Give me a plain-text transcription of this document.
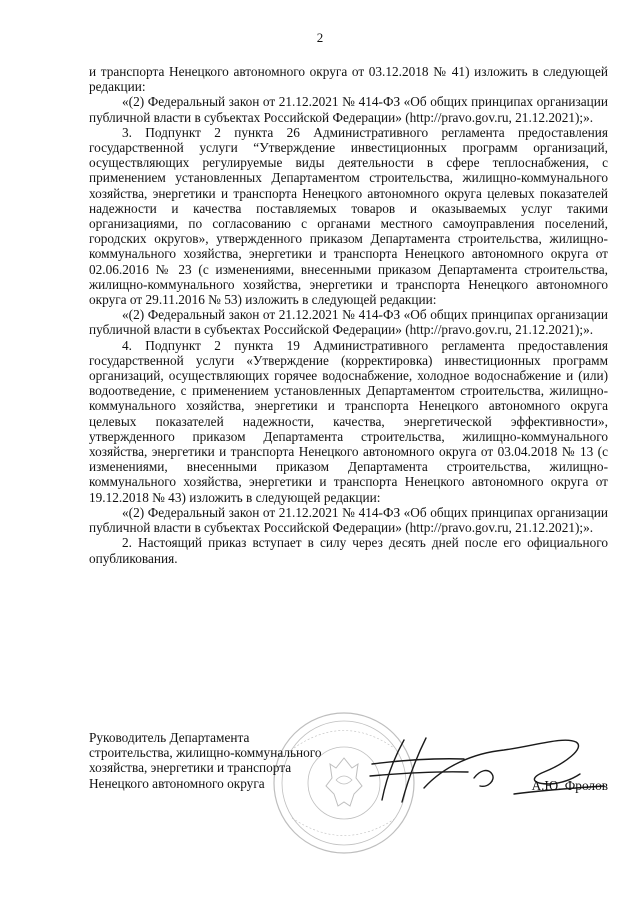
2

и транспорта Ненецкого автономного округа от 03.12.2018 № 41) изложить в следующей редакции:

«(2) Федеральный закон от 21.12.2021 № 414-ФЗ «Об общих принципах организации публичной власти в субъектах Российской Федерации» (http://pravo.gov.ru, 21.12.2021);».

3. Подпункт 2 пункта 26 Административного регламента предоставления государственной услуги “Утверждение инвестиционных программ организаций, осуществляющих регулируемые виды деятельности в сфере теплоснабжения, с применением установленных Департаментом строительства, жилищно-коммунального хозяйства, энергетики и транспорта Ненецкого автономного округа целевых показателей надежности и качества поставляемых товаров и оказываемых услуг такими организациями, по согласованию с органами местного самоуправления поселений, городских округов», утвержденного приказом Департамента строительства, жилищно-коммунального хозяйства, энергетики и транспорта Ненецкого автономного округа от 02.06.2016 № 23 (с изменениями, внесенными приказом Департамента строительства, жилищно-коммунального хозяйства, энергетики и транспорта Ненецкого автономного округа от 29.11.2016 № 53) изложить в следующей редакции:

«(2) Федеральный закон от 21.12.2021 № 414-ФЗ «Об общих принципах организации публичной власти в субъектах Российской Федерации» (http://pravo.gov.ru, 21.12.2021);».

4. Подпункт 2 пункта 19 Административного регламента предоставления государственной услуги «Утверждение (корректировка) инвестиционных программ организаций, осуществляющих горячее водоснабжение, холодное водоснабжение и (или) водоотведение, с применением установленных Департаментом строительства, жилищно-коммунального хозяйства, энергетики и транспорта Ненецкого автономного округа целевых показателей надежности, качества, энергетической эффективности», утвержденного приказом Департамента строительства, жилищно-коммунального хозяйства, энергетики и транспорта Ненецкого автономного округа от 03.04.2018 № 13 (с изменениями, внесенными приказом Департамента строительства, жилищно-коммунального хозяйства, энергетики и транспорта Ненецкого автономного округа от 19.12.2018 № 43) изложить в следующей редакции:

«(2) Федеральный закон от 21.12.2021 № 414-ФЗ «Об общих принципах организации публичной власти в субъектах Российской Федерации» (http://pravo.gov.ru, 21.12.2021);».

2. Настоящий приказ вступает в силу через десять дней после его официального опубликования.

Руководитель Департамента
строительства, жилищно-коммунального
хозяйства, энергетики и транспорта
Ненецкого автономного округа	А.Ю. Фролов
